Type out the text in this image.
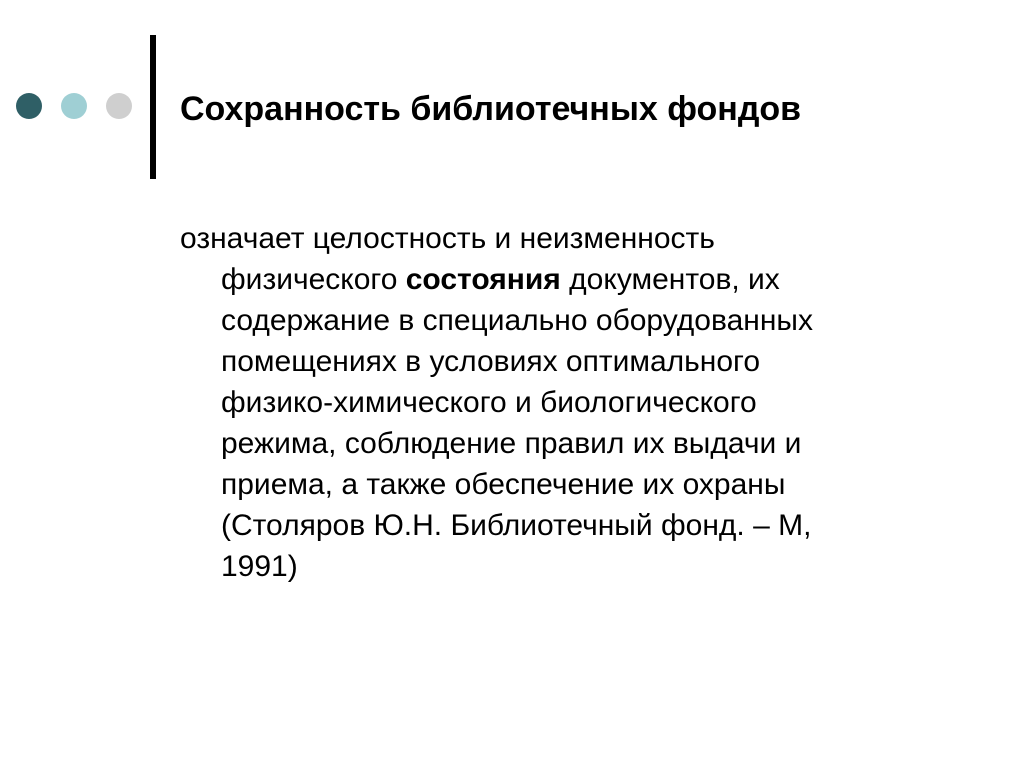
Сохранность библиотечных фондов
означает целостность и неизменность
физического состояния документов, их
содержание в специально оборудованных
помещениях в условиях оптимального
физико-химического и биологического
режима, соблюдение правил их выдачи и
приема, а также обеспечение их охраны
(Столяров Ю.Н. Библиотечный фонд. – М,
1991)
